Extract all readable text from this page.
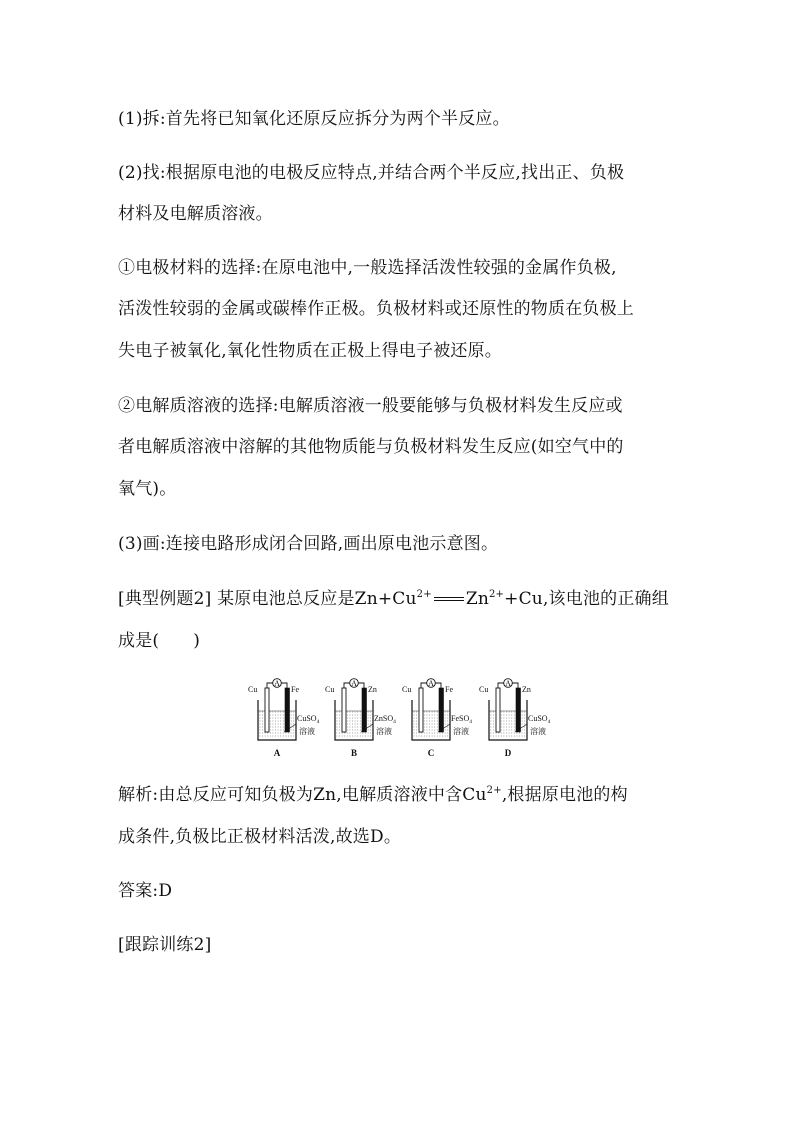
(1)拆:首先将已知氧化还原反应拆分为两个半反应。
(2)找:根据原电池的电极反应特点,并结合两个半反应,找出正、负极
材料及电解质溶液。
①电极材料的选择:在原电池中,一般选择活泼性较强的金属作负极,
活泼性较弱的金属或碳棒作正极。负极材料或还原性的物质在负极上
失电子被氧化,氧化性物质在正极上得电子被还原。
②电解质溶液的选择:电解质溶液一般要能够与负极材料发生反应或
者电解质溶液中溶解的其他物质能与负极材料发生反应(如空气中的
氧气)。
(3)画:连接电路形成闭合回路,画出原电池示意图。
[典型例题2] 某原电池总反应是$Zn+Cu^{2+}$ $Zn^{2+}+Cu$,该电池的正确组
成是( )
A
Cu	Fe
CuSO$_4$
溶液
A
A
Cu	Zn
ZnSO$_4$
溶液
B
A
Cu	Fe
FeSO$_4$
溶液
C
A
Cu	Zn
CuSO$_4$
溶液
D
解析:由总反应可知负极为Zn,电解质溶液中含$Cu^{2+}$,根据原电池的构
成条件,负极比正极材料活泼,故选D。
答案:D
[跟踪训练2]
